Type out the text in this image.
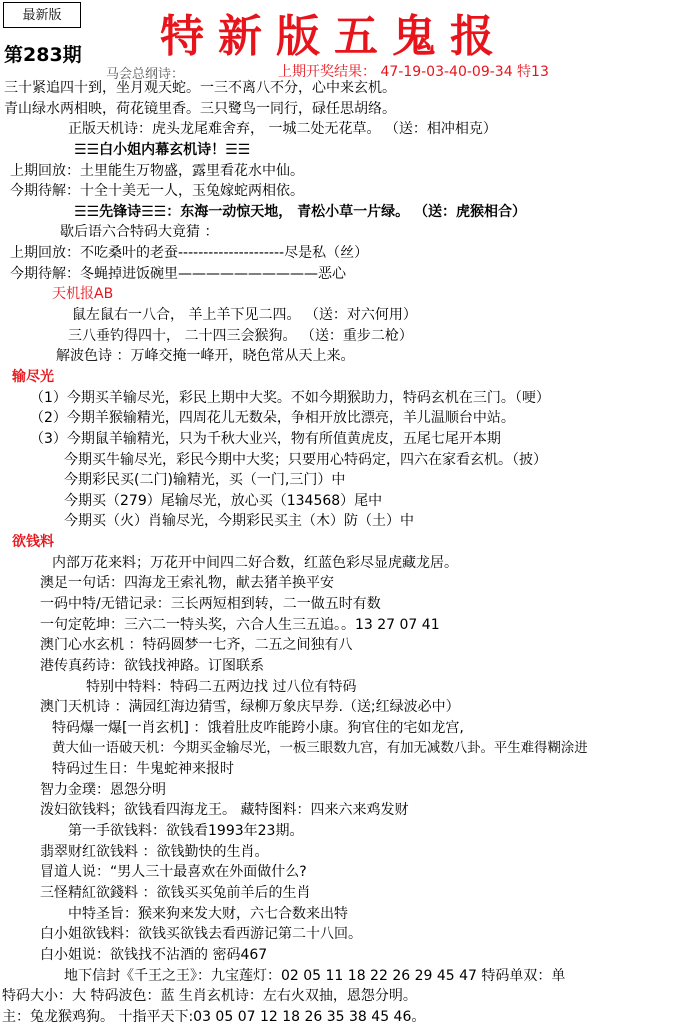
最新版	特新版五鬼报
第283期
马会总纲诗：	上期开奖结果： 47-19-03-40-09-34 特13
三十紧追四十到，坐月观天蛇。一三不离八不分，心中来玄机。
青山绿水两相映，荷花镜里香。三只鹭鸟一同行，碌任思胡络。
正版天机诗：虎头龙尾难舍弃， 一城二处无花草。 （送：相冲相克）
☰☰白小姐内幕玄机诗！☰☰
上期回放：土里能生万物盛，露里看花水中仙。
今期待解：十全十美无一人，玉兔嫁蛇两相依。
☰☰先锋诗☰☰：东海一动惊天地， 青松小草一片绿。 （送：虎猴相合）
歇后语六合特码大竟猜 ：
上期回放：不吃桑叶的老蚕---------------------尽是私（丝）
今期待解：冬蝇掉进饭碗里——————————恶心
天机报AB
鼠左鼠右一八合， 羊上羊下见二四。 （送：对六何用）
三八垂钓得四十， 二十四三会猴狗。 （送：重步二枪）
解波色诗 ：万峰交掩一峰开，晓色常从天上来。
输尽光
（1）今期买羊输尽光，彩民上期中大奖。不如今期猴助力，特码玄机在三门。（哽）
（2）今期羊猴输精光，四周花儿无数朵，争相开放比漂亮，羊儿温顺台中站。
（3）今期鼠羊输精光，只为千秋大业兴，物有所值黄虎皮，五尾七尾开本期
今期买牛输尽光，彩民今期中大奖；只要用心特码定，四六在家看玄机。（披）
今期彩民买(二门)输精光，买（一门,三门）中
今期买（279）尾输尽光，放心买（134568）尾中
今期买（火）肖输尽光，今期彩民买主（木）防（土）中
欲钱料
内部万花来料；万花开中间四二好合数，红蓝色彩尽显虎藏龙居。
澳足一句话：四海龙王索礼物，献去猪羊换平安
一码中特/无错记录：三长两短相到转，二一做五时有数
一句定乾坤：三六二一特头奖，六合人生三五追。。13 27 07 41
澳门心水玄机 ：特码圆梦一七齐，二五之间独有八
港传真药诗：欲钱找神路。订图联系
特别中特料：特码二五两边找 过八位有特码
澳门天机诗 ：满园红海边猜雪，绿柳万象庆早券.（送;红绿波必中）
特码爆一爆[一肖玄机] ：饿着肚皮咋能跨小康。狗官住的宅如龙宫,
黄大仙一语破天机：今期买金输尽光，一板三眼数九宫，有加无减数八卦。平生难得糊涂进
特码过生日：牛鬼蛇神来报时
智力金璞：恩怨分明
泼妇欲钱料；欲钱看四海龙王。 藏特图料：四来六来鸡发财
第一手欲钱料：欲钱看1993年23期。
翡翠财红欲钱料 ：欲钱勤快的生肖。
冒道人说：“男人三十最喜欢在外面做什么?
三怪精紅欲錢料 ：欲钱买买兔前羊后的生肖
中特圣旨：猴来狗来发大财，六七合数来出特
白小姐欲钱料：欲钱买欲钱去看西游记第二十八回。
白小姐说：欲钱找不沾酒的 密码467
地下信封《千王之王》：九宝莲灯：02 05 11 18 22 26 29 45 47 特码单双：单
特码大小：大 特码波色：蓝 生肖玄机诗：左右火双抽，恩怨分明。
主：兔龙猴鸡狗。 十指平天下:03 05 07 12 18 26 35 38 45 46。
